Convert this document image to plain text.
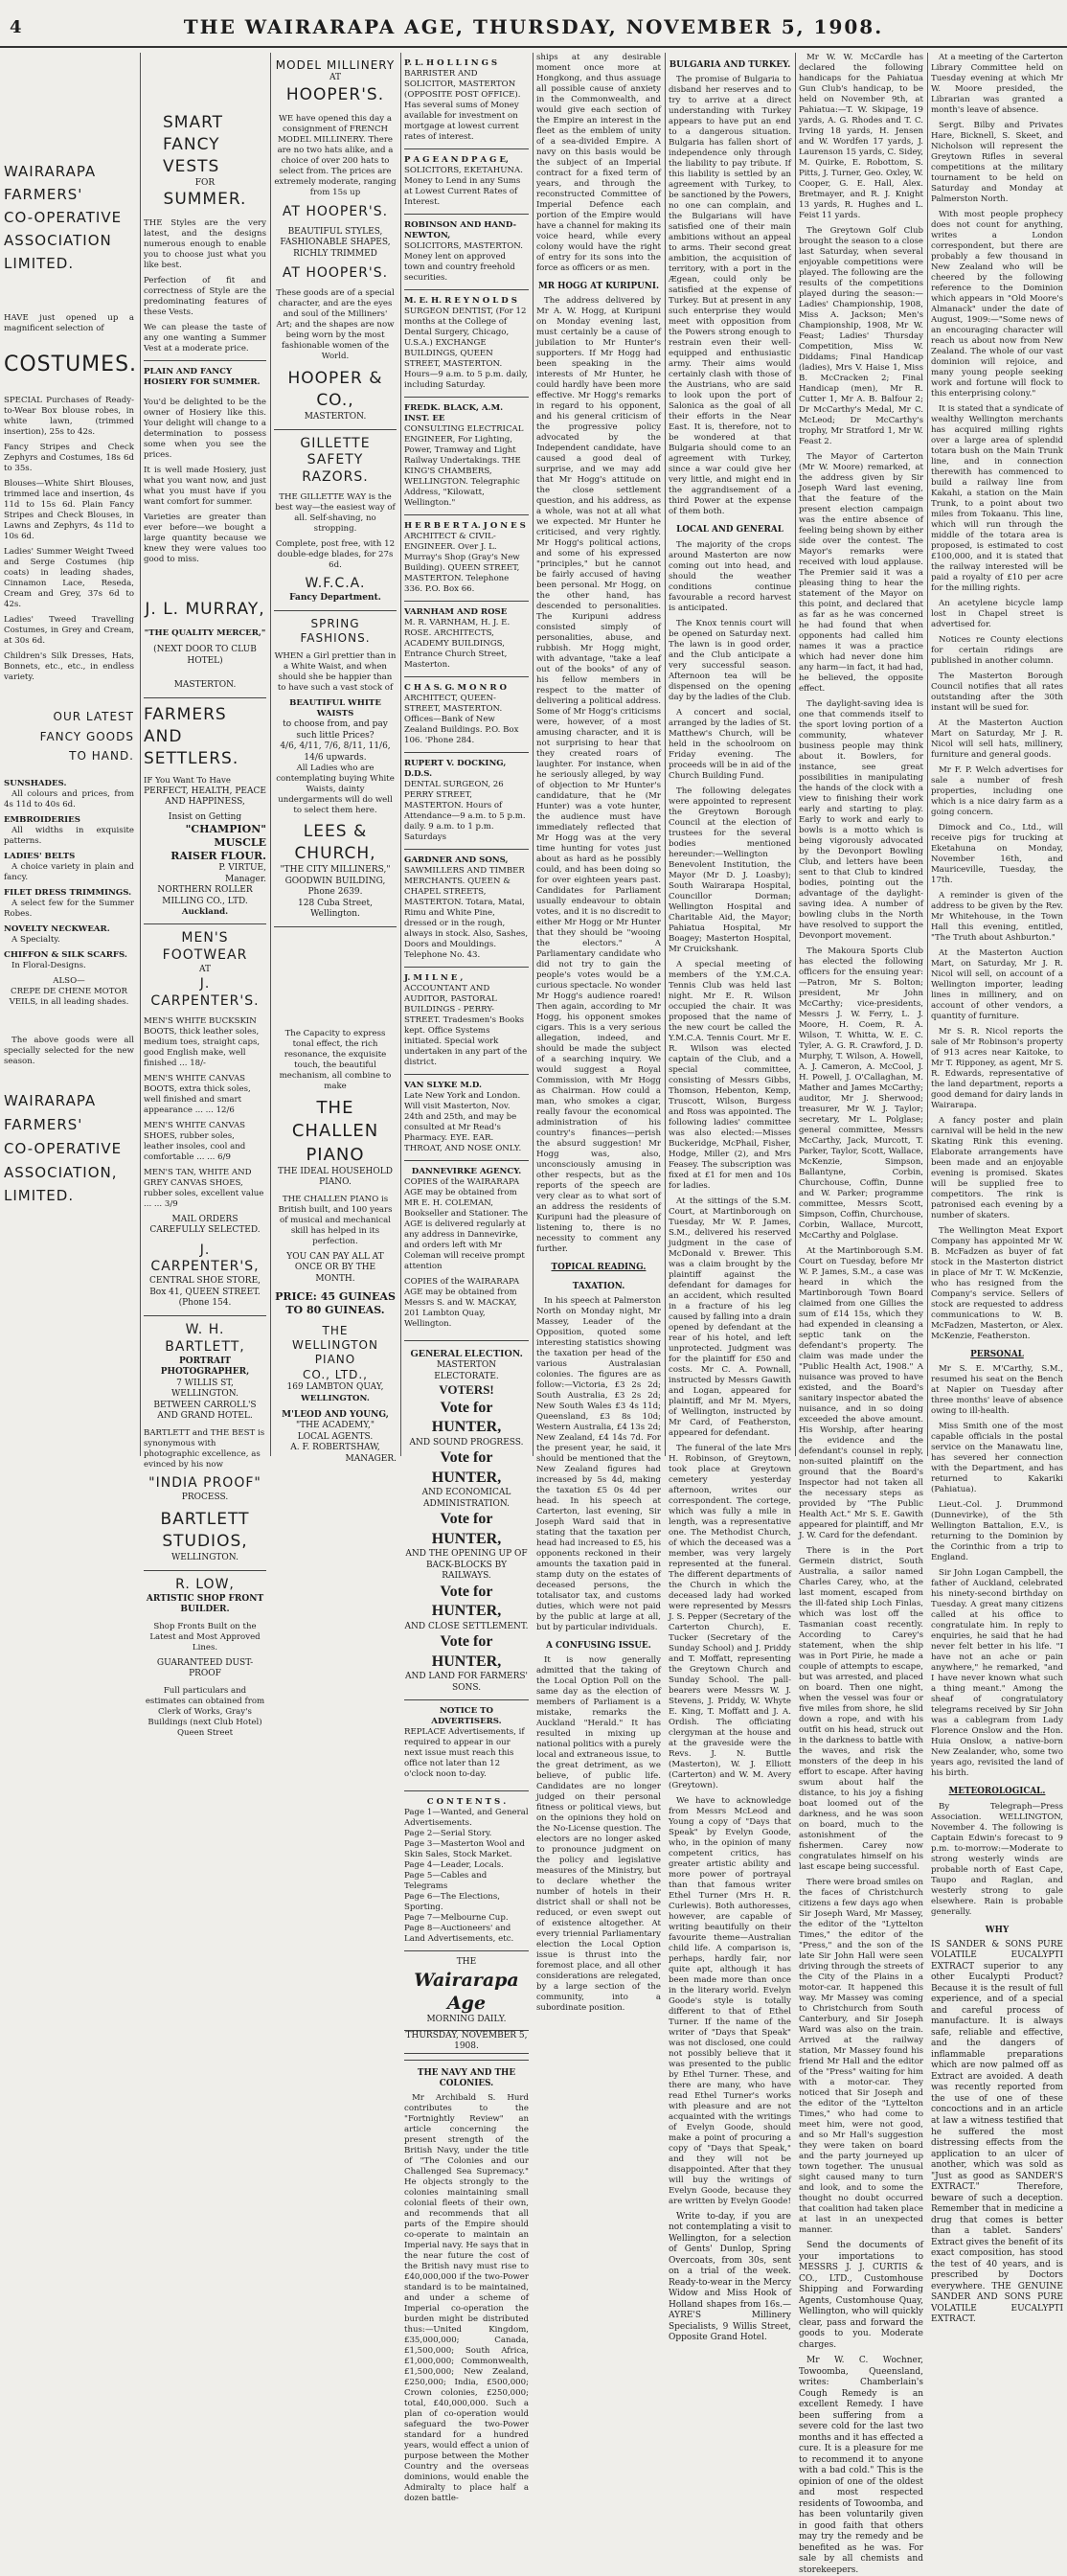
4	THE WAIRARAPA AGE, THURSDAY, NOVEMBER 5, 1908.
WAIRARAPA
FARMERS'
CO-OPERATIVE
ASSOCIATION
LIMITED.

HAVE just opened up a magnificent selection of

COSTUMES.

SPECIAL Purchases of Ready-to-Wear Box blouse robes, in white lawn, (trimmed insertion), 25s to 42s.

Fancy Stripes and Check Zephyrs and Costumes, 18s 6d to 35s.

Blouses—White Shirt Blouses, trimmed lace and insertion, 4s 11d to 15s 6d. Plain Fancy Stripes and Check Blouses, in Lawns and Zephyrs, 4s 11d to 10s 6d.

Ladies' Summer Weight Tweed and Serge Costumes (hip coats) in leading shades, Cinnamon Lace, Reseda, Cream and Grey, 37s 6d to 42s.

Ladies' Tweed Travelling Costumes, in Grey and Cream, at 30s 6d.

Children's Silk Dresses, Hats, Bonnets, etc., etc., in endless variety.

OUR LATEST
FANCY GOODS
TO HAND.
SUNSHADES.

All colours and prices, from 4s 11d to 40s 6d.

EMBROIDERIES

All widths in exquisite patterns.

LADIES' BELTS

A choice variety in plain and fancy.

FILET DRESS TRIMMINGS.

A select few for the Summer Robes.

NOVELTY NECKWEAR.

A Specialty.

CHIFFON & SILK SCARFS.

In Floral-Designs.

ALSO—

CREPE DE CHENE MOTOR VEILS, in all leading shades.

The above goods were all specially selected for the new season.

WAIRARAPA
FARMERS'
CO-OPERATIVE
ASSOCIATION,
LIMITED.
SMART
FANCY
VESTS
FOR
SUMMER.

THE Styles are the very latest, and the designs numerous enough to enable you to choose just what you like best.

Perfection of fit and correctness of Style are the predominating features of these Vests.

We can please the taste of any one wanting a Summer Vest at a moderate price.

PLAIN AND FANCY
HOSIERY FOR SUMMER.

You'd be delighted to be the owner of Hosiery like this. Your delight will change to a determination to possess some when you see the prices.

It is well made Hosiery, just what you want now, and just what you must have if you want comfort for summer.

Varieties are greater than ever before—we bought a large quantity because we knew they were values too good to miss.

J. L. MURRAY,
"THE QUALITY MERCER,"
(NEXT DOOR TO CLUB HOTEL)
MASTERTON.
FARMERS AND
SETTLERS.
IF You Want To Have
PERFECT, HEALTH, PEACE AND HAPPINESS,
Insist on Getting
"CHAMPION" MUSCLE
RAISER FLOUR.
P. VIRTUE,
Manager.
NORTHERN ROLLER MILLING CO., LTD.
Auckland.
MEN'S FOOTWEAR
AT
J. CARPENTER'S.

MEN'S WHITE BUCKSKIN BOOTS, thick leather soles, medium toes, straight caps, good English make, well finished ... 18/-

MEN'S WHITE CANVAS BOOTS, extra thick soles, well finished and smart appearance ... ... 12/6

MEN'S WHITE CANVAS SHOES, rubber soles, leather insoles, cool and comfortable ... ... 6/9

MEN'S TAN, WHITE AND GREY CANVAS SHOES, rubber soles, excellent value ... ... 3/9

MAIL ORDERS CAREFULLY SELECTED.
J. CARPENTER'S,
CENTRAL SHOE STORE,
Box 41, QUEEN STREET. (Phone 154.
W. H. BARTLETT,
PORTRAIT PHOTOGRAPHER,
7 WILLIS ST, WELLINGTON.
BETWEEN CARROLL'S AND GRAND HOTEL.

BARTLETT and THE BEST is synonymous with photographic excellence, as evinced by his now

"INDIA PROOF"
PROCESS.
BARTLETT
STUDIOS,
WELLINGTON.
R. LOW,
ARTISTIC SHOP FRONT BUILDER.

Shop Fronts Built on the Latest and Most Approved Lines.

GUARANTEED DUST-PROOF

Full particulars and estimates can obtained from Clerk of Works, Gray's Buildings (next Club Hotel) Queen Street

MODEL MILLINERY
AT
HOOPER'S.

WE have opened this day a consignment of FRENCH MODEL MILLINERY. There are no two hats alike, and a choice of over 200 hats to select from. The prices are extremely moderate, ranging from 15s up

AT HOOPER'S.
BEAUTIFUL STYLES, FASHIONABLE SHAPES, RICHLY TRIMMED
AT HOOPER'S.

These goods are of a special character, and are the eyes and soul of the Milliners' Art; and the shapes are now being worn by the most fashionable women of the World.

HOOPER & CO.,
MASTERTON.
GILLETTE
SAFETY RAZORS.

THE GILLETTE WAY is the best way—the easiest way of all. Self-shaving, no stropping.

Complete, post free, with 12 double-edge blades, for 27s 6d.

W.F.C.A.
Fancy Department.
SPRING FASHIONS.

WHEN a Girl prettier than in a White Waist, and when should she be happier than to have such a vast stock of

BEAUTIFUL WHITE WAISTS
to choose from, and pay such little Prices?
4/6, 4/11, 7/6, 8/11, 11/6, 14/6 upwards.

All Ladies who are contemplating buying White Waists, dainty undergarments will do well to select them here.

LEES & CHURCH,
"THE CITY MILLINERS,"
GOODWIN BUILDING, Phone 2639.
128 Cuba Street, Wellington.

The Capacity to express tonal effect, the rich resonance, the exquisite touch, the beautiful mechanism, all combine to make

THE
CHALLEN
PIANO
THE IDEAL HOUSEHOLD PIANO.

THE CHALLEN PIANO is British built, and 100 years of musical and mechanical skill has helped in its perfection.

YOU CAN PAY ALL AT ONCE OR BY THE MONTH.
PRICE: 45 GUINEAS
TO 80 GUINEAS.
THE
WELLINGTON PIANO
CO., LTD.,
169 LAMBTON QUAY,
WELLINGTON.
M'LEOD AND YOUNG,
"THE ACADEMY,"
LOCAL AGENTS.
A. F. ROBERTSHAW,
MANAGER.
P. L. H O L L I N G S
BARRISTER AND SOLICITOR, MASTERTON (OPPOSITE POST OFFICE). Has several sums of Money available for investment on mortgage at lowest current rates of interest.
P A G E A N D P A G E,
SOLICITORS, EKETAHUNA. Money to Lend in any Sums at Lowest Current Rates of Interest.
ROBINSON AND HAND-NEWTON,
SOLICITORS, MASTERTON. Money lent on approved town and country freehold securities.
M. E. H. R E Y N O L D S
SURGEON DENTIST, (For 12 months at the College of Dental Surgery, Chicago, U.S.A.) EXCHANGE BUILDINGS, QUEEN STREET, MASTERTON. Hours—9 a.m. to 5 p.m. daily, including Saturday.
FREDK. BLACK, A.M. INST. EE
CONSULTING ELECTRICAL ENGINEER, For Lighting, Power, Tramway and Light Railway Undertakings. THE KING'S CHAMBERS, WELLINGTON. Telegraphic Address, "Kilowatt, Wellington."
H E R B E R T A. J O N E S
ARCHITECT & CIVIL-ENGINEER. Over J. L. Murray's Shop (Gray's New Building). QUEEN STREET, MASTERTON. Telephone 336. P.O. Box 66.
VARNHAM AND ROSE
M. R. VARNHAM, H. J. E. ROSE. ARCHITECTS, ACADEMY BUILDINGS, Entrance Church Street, Masterton.
C H A S. G. M O N R O
ARCHITECT, QUEEN-STREET, MASTERTON. Offices—Bank of New Zealand Buildings. P.O. Box 106. 'Phone 284.
RUPERT V. DOCKING, D.D.S.
DENTAL SURGEON, 26 PERRY STREET, MASTERTON. Hours of Attendance—9 a.m. to 5 p.m. daily. 9 a.m. to 1 p.m. Saturdays
GARDNER AND SONS,
SAWMILLERS AND TIMBER MERCHANTS. QUEEN & CHAPEL STREETS, MASTERTON. Totara, Matai, Rimu and White Pine, dressed or in the rough, always in stock. Also, Sashes, Doors and Mouldings. Telephone No. 43.
J. M I L N E ,
ACCOUNTANT AND AUDITOR, PASTORAL BUILDINGS - PERRY-STREET. Tradesmen's Books kept. Office Systems initiated. Special work undertaken in any part of the district.
VAN SLYKE M.D.
Late New York and London. Will visit Masterton, Nov. 24th and 25th, and may be consulted at Mr Read's Pharmacy. EYE. EAR. THROAT, AND NOSE ONLY.
DANNEVIRKE AGENCY.

COPIES of the WAIRARAPA AGE may be obtained from MR E. H. COLEMAN, Bookseller and Stationer. The AGE is delivered regularly at any address in Dannevirke, and orders left with Mr Coleman will receive prompt attention

COPIES of the WAIRARAPA AGE may be obtained from Messrs S. and W. MACKAY, 201 Lambton Quay, Wellington.

GENERAL ELECTION.
MASTERTON ELECTORATE.
VOTERS!
Vote for HUNTER,
AND SOUND PROGRESS.
Vote for HUNTER,
AND ECONOMICAL ADMINISTRATION.
Vote for HUNTER,
AND THE OPENING UP OF BACK-BLOCKS BY RAILWAYS.
Vote for HUNTER,
AND CLOSE SETTLEMENT.
Vote for HUNTER,
AND LAND FOR FARMERS' SONS.
NOTICE TO ADVERTISERS.

REPLACE Advertisements, if required to appear in our next issue must reach this office not later than 12 o'clock noon to-day.

C O N T E N T S .
Page 1—Wanted, and General Advertisements.
Page 2—Serial Story.
Page 3—Masterton Wool and Skin Sales, Stock Market.
Page 4—Leader, Locals.
Page 5—Cables and Telegrams
Page 6—The Elections, Sporting.
Page 7—Melbourne Cup.
Page 8—Auctioneers' and Land Advertisements, etc.
THE
Wairarapa Age
MORNING DAILY.
THURSDAY, NOVEMBER 5, 1908.
THE NAVY AND THE COLONIES.

Mr Archibald S. Hurd contributes to the "Fortnightly Review" an article concerning the present strength of the British Navy, under the title of "The Colonies and our Challenged Sea Supremacy." He objects strongly to the colonies maintaining small colonial fleets of their own, and recommends that all parts of the Empire should co-operate to maintain an Imperial navy. He says that in the near future the cost of the British navy must rise to £40,000,000 if the two-Power standard is to be maintained, and under a scheme of Imperial co-operation the burden might be distributed thus:—United Kingdom, £35,000,000; Canada, £1,500,000; South Africa, £1,000,000; Commonwealth, £1,500,000; New Zealand, £250,000; India, £500,000; Crown colonies, £250,000; total, £40,000,000. Such a plan of co-operation would safeguard the two-Power standard for a hundred years, would effect a union of purpose between the Mother Country and the overseas dominions, would enable the Admiralty to place half a dozen battle-

ships at any desirable moment once more at Hongkong, and thus assuage all possible cause of anxiety in the Commonwealth, and would give each section of the Empire an interest in the fleet as the emblem of unity of a sea-divided Empire. A navy on this basis would be the subject of an Imperial contract for a fixed term of years, and through the reconstructed Committee of Imperial Defence each portion of the Empire would have a channel for making its voice heard, while every colony would have the right of entry for its sons into the force as officers or as men.

MR HOGG AT KURIPUNI.

The address delivered by Mr A. W. Hogg, at Kuripuni on Monday evening last, must certainly be a cause of jubilation to Mr Hunter's supporters. If Mr Hogg had been speaking in the interests of Mr Hunter, he could hardly have been more effective. Mr Hogg's remarks in regard to his opponent, and his general criticism of the progressive policy advocated by the Independent candidate, have caused a good deal of surprise, and we may add that Mr Hogg's attitude on the close settlement question, and his address, as a whole, was not at all what we expected. Mr Hunter he criticised, and very rightly. Mr Hogg's political actions, and some of his expressed "principles," but he cannot be fairly accused of having been personal. Mr Hogg, on the other hand, has descended to personalities. The Kuripuni address consisted simply of personalities, abuse, and rubbish. Mr Hogg might, with advantage, "take a leaf out of the books" of any of his fellow members in respect to the matter of delivering a political address. Some of Mr Hogg's criticisms were, however, of a most amusing character, and it is not surprising to hear that they created roars of laughter. For instance, when he seriously alleged, by way of objection to Mr Hunter's candidature, that he (Mr Hunter) was a vote hunter, the audience must have immediately reflected that Mr Hogg was at the very time hunting for votes just about as hard as he possibly could, and has been doing so for over eighteen years past. Candidates for Parliament usually endeavour to obtain votes, and it is no discredit to either Mr Hogg or Mr Hunter that they should be "wooing the electors." A Parliamentary candidate who did not try to gain the people's votes would be a curious spectacle. No wonder Mr Hogg's audience roared! Then again, according to Mr Hogg, his opponent smokes cigars. This is a very serious allegation, indeed, and should be made the subject of a searching inquiry. We would suggest a Royal Commission, with Mr Hogg as Chairman. How could a man, who smokes a cigar, really favour the economical administration of his country's finances—perish the absurd suggestion! Mr Hogg was, also, unconsciously amusing in other respects, but as the reports of the speech are very clear as to what sort of an address the residents of Kuripuni had the pleasure of listening to, there is no necessity to comment any further.

TOPICAL READING.
TAXATION.

In his speech at Palmerston North on Monday night, Mr Massey, Leader of the Opposition, quoted some interesting statistics showing the taxation per head of the various Australasian colonies. The figures are as follow:—Victoria, £3 2s 2d; South Australia, £3 2s 2d; New South Wales £3 4s 11d; Queensland, £3 8s 10d; Western Australia, £4 13s 2d; New Zealand, £4 14s 7d. For the present year, he said, it should be mentioned that the New Zealand figures had increased by 5s 4d, making the taxation £5 0s 4d per head. In his speech at Carterton, last evening, Sir Joseph Ward said that in stating that the taxation per head had increased to £5, his opponents reckoned in their amounts the taxation paid in stamp duty on the estates of deceased persons, the totalisator tax, and customs duties, which were not paid by the public at large at all, but by particular individuals.

A CONFUSING ISSUE.

It is now generally admitted that the taking of the Local Option Poll on the same day as the election of members of Parliament is a mistake, remarks the Auckland "Herald." It has resulted in mixing up national politics with a purely local and extraneous issue, to the great detriment, as we believe, of public life. Candidates are no longer judged on their personal fitness or political views, but on the opinions they hold on the No-License question. The electors are no longer asked to pronounce judgment on the policy and legislative measures of the Ministry, but to declare whether the number of hotels in their district shall or shall not be reduced, or even swept out of existence altogether. At every triennial Parliamentary election the Local Option issue is thrust into the foremost place, and all other considerations are relegated, by a large section of the community, into a subordinate position.

BULGARIA AND TURKEY.

The promise of Bulgaria to disband her reserves and to try to arrive at a direct understanding with Turkey appears to have put an end to a dangerous situation. Bulgaria has fallen short of independence only through the liability to pay tribute. If this liability is settled by an agreement with Turkey, to be sanctioned by the Powers, no one can complain, and the Bulgarians will have satisfied one of their main ambitions without an appeal to arms. Their second great ambition, the acquisition of territory, with a port in the Ægean, could only be satisfied at the expense of Turkey. But at present in any such enterprise they would meet with opposition from the Powers strong enough to restrain even their well-equipped and enthusiastic army. Their aims would certainly clash with those of the Austrians, who are said to look upon the port of Salonica as the goal of all their efforts in the Near East. It is, therefore, not to be wondered at that Bulgaria should come to an agreement with Turkey, since a war could give her very little, and might end in the aggrandisement of a third Power at the expense of them both.

LOCAL AND GENERAL

The majority of the crops around Masterton are now coming out into head, and should the weather conditions continue favourable a record harvest is anticipated.

The Knox tennis court will be opened on Saturday next. The lawn is in good order, and the Club anticipate a very successful season. Afternoon tea will be dispensed on the opening day by the ladies of the Club.

A concert and social, arranged by the ladies of St. Matthew's Church, will be held in the schoolroom on Friday evening. The proceeds will be in aid of the Church Building Fund.

The following delegates were appointed to represent the Greytown Borough Council at the election of trustees for the several bodies mentioned hereunder:—Wellington Benevolent Institution, the Mayor (Mr D. J. Loasby); South Wairarapa Hospital, Councillor Dorman; Wellington Hospital and Charitable Aid, the Mayor; Pahiatua Hospital, Mr Boagey; Masterton Hospital, Mr Cruickshank.

A special meeting of members of the Y.M.C.A. Tennis Club was held last night. Mr E. R. Wilson occupied the chair. It was proposed that the name of the new court be called the Y.M.C.A. Tennis Court. Mr E. R. Wilson was elected captain of the Club, and a special committee, consisting of Messrs Gibbs, Thomson, Hebenton, Kemp, Truscott, Wilson, Burgess and Ross was appointed. The following ladies' committee was also elected:—Misses Buckeridge, McPhail, Fisher, Hodge, Miller (2), and Mrs Feasey. The subscription was fixed at £1 for men and 10s for ladies.

At the sittings of the S.M. Court, at Martinborough on Tuesday, Mr W. P. James, S.M., delivered his reserved judgment in the case of McDonald v. Brewer. This was a claim brought by the plaintiff against the defendant for damages for an accident, which resulted in a fracture of his leg caused by falling into a drain opened by defendant at the rear of his hotel, and left unprotected. Judgment was for the plaintiff for £50 and costs. Mr C. A. Pownall, instructed by Messrs Gawith and Logan, appeared for plaintiff, and Mr M. Myers, of Wellington, instructed by Mr Card, of Featherston, appeared for defendant.

The funeral of the late Mrs H. Robinson, of Greytown, took place at Greytown cemetery yesterday afternoon, writes our correspondent. The cortege, which was fully a mile in length, was a representative one. The Methodist Church, of which the deceased was a member, was very largely represented at the funeral. The different departments of the Church in which the deceased lady had worked were represented by Messrs J. S. Pepper (Secretary of the Carterton Church), E. Tucker (Secretary of the Sunday School) and J. Priddy and T. Moffatt, representing the Greytown Church and Sunday School. The pall-bearers were Messrs W. J. Stevens, J. Priddy, W. Whyte E. King, T. Moffatt and J. A. Ordish. The officiating clergyman at the house and at the graveside were the Revs. J. N. Buttle (Masterton), W. J. Elliott (Carterton) and W. M. Avery (Greytown).

We have to acknowledge from Messrs McLeod and Young a copy of "Days that Speak" by Evelyn Goode, who, in the opinion of many competent critics, has greater artistic ability and more power of portrayal than that famous writer Ethel Turner (Mrs H. R. Curlewis). Both authoresses, however, are capable of writing beautifully on their favourite theme—Australian child life. A comparison is, perhaps, hardly fair, nor quite apt, although it has been made more than once in the literary world. Evelyn Goode's style is totally different to that of Ethel Turner. If the name of the writer of "Days that Speak" was not disclosed, one could not possibly believe that it was presented to the public by Ethel Turner. These, and there are many, who have read Ethel Turner's works with pleasure and are not acquainted with the writings of Evelyn Goode, should make a point of procuring a copy of "Days that Speak," and they will not be disappointed. After that they will buy the writings of Evelyn Goode, because they are written by Evelyn Goode!

Write to-day, if you are not contemplating a visit to Wellington, for a selection of Gents' Dunlop, Spring Overcoats, from 30s, sent on a trial of the week. Ready-to-wear in the Mercy Widow and Miss Hook of Holland shapes from 16s.—AYRE'S Millinery Specialists, 9 Willis Street, Opposite Grand Hotel.

Mr W. W. McCardle has declared the following handicaps for the Pahiatua Gun Club's handicap, to be held on November 9th, at Pahiatua:—T. W. Skipage, 19 yards, A. G. Rhodes and T. C. Irving 18 yards, H. Jensen and W. Wordfen 17 yards, J. Laurenson 15 yards, C. Sidey, M. Quirke, E. Robottom, S. Pitts, J. Turner, Geo. Oxley, W. Cooper, G. E. Hall, Alex. Bretmayer, and R. J. Knight 13 yards, R. Hughes and L. Feist 11 yards.

The Greytown Golf Club brought the season to a close last Saturday, when several enjoyable competitions were played. The following are the results of the competitions played during the season:—Ladies' Championship, 1908, Miss A. Jackson; Men's Championship, 1908, Mr W. Feast; Ladies' Thursday Competition, Miss W. Diddams; Final Handicap (ladies), Mrs V. Haise 1, Miss B. McCracken 2; Final Handicap (men), Mr R. Cutter 1, Mr A. B. Balfour 2; Dr McCarthy's Medal, Mr C. McLeod; Dr McCarthy's trophy, Mr Stratford 1, Mr W. Feast 2.

The Mayor of Carterton (Mr W. Moore) remarked, at the address given by Sir Joseph Ward last evening, that the feature of the present election campaign was the entire absence of feeling being shown by either side over the contest. The Mayor's remarks were received with loud applause. The Premier said it was a pleasing thing to hear the statement of the Mayor on this point, and declared that as far as he was concerned he had found that when opponents had called him names it was a practice which had never done him any harm—in fact, it had had, he believed, the opposite effect.

The daylight-saving idea is one that commends itself to the sport loving portion of a community, whatever business people may think about it. Bowlers, for instance, see great possibilities in manipulating the hands of the clock with a view to finishing their work early and starting to play. Early to work and early to bowls is a motto which is being vigorously advocated by the Devonport Bowling Club, and letters have been sent to that Club to kindred bodies, pointing out the advantage of the daylight-saving idea. A number of bowling clubs in the North have resolved to support the Devonport movement.

The Makoura Sports Club has elected the following officers for the ensuing year:—Patron, Mr S. Bolton; president, Mr John McCarthy; vice-presidents, Messrs J. W. Ferry, L. J. Moore, H. Coem, R. A. Wilson, T. Whitta, W. E. C. Tyler, A. G. R. Crawford, J. D. Murphy, T. Wilson, A. Howell, A. J. Cameron, A. McCool, J. H. Powell, J. O'Callaghan, M. Mather and James McCarthy; auditor, Mr J. Sherwood; treasurer, Mr W. J. Taylor; secretary, Mr L. Polglase; general committee, Messrs McCarthy, Jack, Murcott, T. Parker, Taylor, Scott, Wallace, McKenzie, Simpson, Ballantyne, Corbin, Churchouse, Coffin, Dunne and W. Parker; programme committee, Messrs Scott, Simpson, Coffin, Churchouse, Corbin, Wallace, Murcott, McCarthy and Polglase.

At the Martinborough S.M. Court on Tuesday, before Mr W. P. James, S.M., a case was heard in which the Martinborough Town Board claimed from one Gillies the sum of £14 15s, which they had expended in cleansing a septic tank on the defendant's property. The claim was made under the "Public Health Act, 1908." A nuisance was proved to have existed, and the Board's sanitary inspector abated the nuisance, and in so doing exceeded the above amount. His Worship, after hearing the evidence and the defendant's counsel in reply, non-suited plaintiff on the ground that the Board's Inspector had not taken all the necessary steps as provided by "The Public Health Act." Mr S. E. Gawith appeared for plaintiff, and Mr J. W. Card for the defendant.

There is in the Port Germein district, South Australia, a sailor named Charles Carey, who, at the last moment, escaped from the ill-fated ship Loch Finlas, which was lost off the Tasmanian coast recently. According to Carey's statement, when the ship was in Port Pirie, he made a couple of attempts to escape, but was arrested, and placed on board. Then one night, when the vessel was four or five miles from shore, he slid down a rope, and with his outfit on his head, struck out in the darkness to battle with the waves, and risk the monsters of the deep in his effort to escape. After having swum about half the distance, to his joy a fishing boat loomed out of the darkness, and he was soon on board, much to the astonishment of the fishermen. Carey now congratulates himself on his last escape being successful.

There were broad smiles on the faces of Christchurch citizens a few days ago when Sir Joseph Ward, Mr Massey, the editor of the "Lyttelton Times," the editor of the "Press," and the son of the late Sir John Hall were seen driving through the streets of the City of the Plains in a motor-car. It happened this way. Mr Massey was coming to Christchurch from South Canterbury, and Sir Joseph Ward was also on the train. Arrived at the railway station, Mr Massey found his friend Mr Hall and the editor of the "Press" waiting for him with a motor-car. They noticed that Sir Joseph and the editor of the "Lyttelton Times," who had come to meet him, were not good, and so Mr Hall's suggestion they were taken on board and the party journeyed up town together. The unusual sight caused many to turn and look, and to some the thought no doubt occurred that coalition had taken place at last in an unexpected manner.

Send the documents of your importations to MESSRS J. J. CURTIS & CO., LTD., Customhouse Shipping and Forwarding Agents, Customhouse Quay, Wellington, who will quickly clear, pass and forward the goods to you. Moderate charges.

Mr W. C. Wochner, Towoomba, Queensland, writes: Chamberlain's Cough Remedy is an excellent Remedy. I have been suffering from a severe cold for the last two months and it has effected a cure. It is a pleasure for me to recommend it to anyone with a bad cold." This is the opinion of one of the oldest and most respected residents of Towoomba, and has been voluntarily given in good faith that others may try the remedy and be benefited as he was. For sale by all chemists and storekeepers.

At a meeting of the Carterton Library Committee held on Tuesday evening at which Mr W. Moore presided, the Librarian was granted a month's leave of absence.

Sergt. Bilby and Privates Hare, Bicknell, S. Skeet, and Nicholson will represent the Greytown Rifles in several competitions at the military tournament to be held on Saturday and Monday at Palmerston North.

With most people prophecy does not count for anything, writes a London correspondent, but there are probably a few thousand in New Zealand who will be cheered by the following reference to the Dominion which appears in "Old Moore's Almanack" under the date of August, 1909:—"Some news of an encouraging character will reach us about now from New Zealand. The whole of our vast dominion will rejoice, and many young people seeking work and fortune will flock to this enterprising colony."

It is stated that a syndicate of wealthy Wellington merchants has acquired milling rights over a large area of splendid totara bush on the Main Trunk line, and in connection therewith has commenced to build a railway line from Kakahi, a station on the Main Trunk, to a point about two miles from Tokaanu. This line, which will run through the middle of the totara area is proposed, is estimated to cost £100,000, and it is stated that the railway interested will be paid a royalty of £10 per acre for the milling rights.

An acetylene bicycle lamp lost in Chapel street is advertised for.

Notices re County elections for certain ridings are published in another column.

The Masterton Borough Council notifies that all rates outstanding after the 30th instant will be sued for.

At the Masterton Auction Mart on Saturday, Mr J. R. Nicol will sell hats, millinery, furniture and general goods.

Mr F. P. Welch advertises for sale a number of fresh properties, including one which is a nice dairy farm as a going concern.

Dimock and Co., Ltd., will receive pigs for trucking at Eketahuna on Monday, November 16th, and Mauriceville, Tuesday, the 17th.

A reminder is given of the address to be given by the Rev. Mr Whitehouse, in the Town Hall this evening, entitled, "The Truth about Ashburton."

At the Masterton Auction Mart, on Saturday, Mr J. R. Nicol will sell, on account of a Wellington importer, leading lines in millinery, and on account of other vendors, a quantity of furniture.

Mr S. R. Nicol reports the sale of Mr Robinson's property of 913 acres near Kaitoke, to Mr T. Ripponey, as agent, Mr S. R. Edwards, representative of the land department, reports a good demand for dairy lands in Wairarapa.

A fancy poster and plain carnival will be held in the new Skating Rink this evening. Elaborate arrangements have been made and an enjoyable evening is promised. Skates will be supplied free to competitors. The rink is patronised each evening by a number of skaters.

The Wellington Meat Export Company has appointed Mr W. B. McFadzen as buyer of fat stock in the Masterton district in place of Mr T. W. McKenzie, who has resigned from the Company's service. Sellers of stock are requested to address communications to W. B. McFadzen, Masterton, or Alex. McKenzie, Featherston.

PERSONAL

Mr S. E. M'Carthy, S.M., resumed his seat on the Bench at Napier on Tuesday after three months' leave of absence owing to ill-health.

Miss Smith one of the most capable officials in the postal service on the Manawatu line, has severed her connection with the Department, and has returned to Kakariki (Pahiatua).

Lieut.-Col. J. Drummond (Dunnevirke), of the 5th Wellington Battalion, E.V., is returning to the Dominion by the Corinthic from a trip to England.

Sir John Logan Campbell, the father of Auckland, celebrated his ninety-second birthday on Tuesday. A great many citizens called at his office to congratulate him. In reply to enquiries, he said that he had never felt better in his life. "I have not an ache or pain anywhere," he remarked, "and I have never known what such a thing meant." Among the sheaf of congratulatory telegrams received by Sir John was a cablegram from Lady Florence Onslow and the Hon. Huia Onslow, a native-born New Zealander, who, some two years ago, revisited the land of his birth.

METEOROLOGICAL.

By Telegraph—Press Association. WELLINGTON, November 4. The following is Captain Edwin's forecast to 9 p.m. to-morrow:—Moderate to strong westerly winds are probable north of East Cape, Taupo and Raglan, and westerly strong to gale elsewhere. Rain is probable generally.

WHY

IS SANDER & SONS PURE VOLATILE EUCALYPTI EXTRACT superior to any other Eucalypti Product? Because it is the result of full experience, and of a special and careful process of manufacture. It is always safe, reliable and effective, and the dangers of inflammable preparations which are now palmed off as Extract are avoided. A death was recently reported from the use of one of these concoctions and in an article at law a witness testified that he suffered the most distressing effects from the application to an ulcer of another, which was sold as "Just as good as SANDER'S EXTRACT." Therefore, beware of such a deception. Remember that in medicine a drug that comes is better than a tablet. Sanders' Extract gives the benefit of its exact composition, has stood the test of 40 years, and is prescribed by Doctors everywhere. THE GENUINE SANDER AND SONS PURE VOLATILE EUCALYPTI EXTRACT.
